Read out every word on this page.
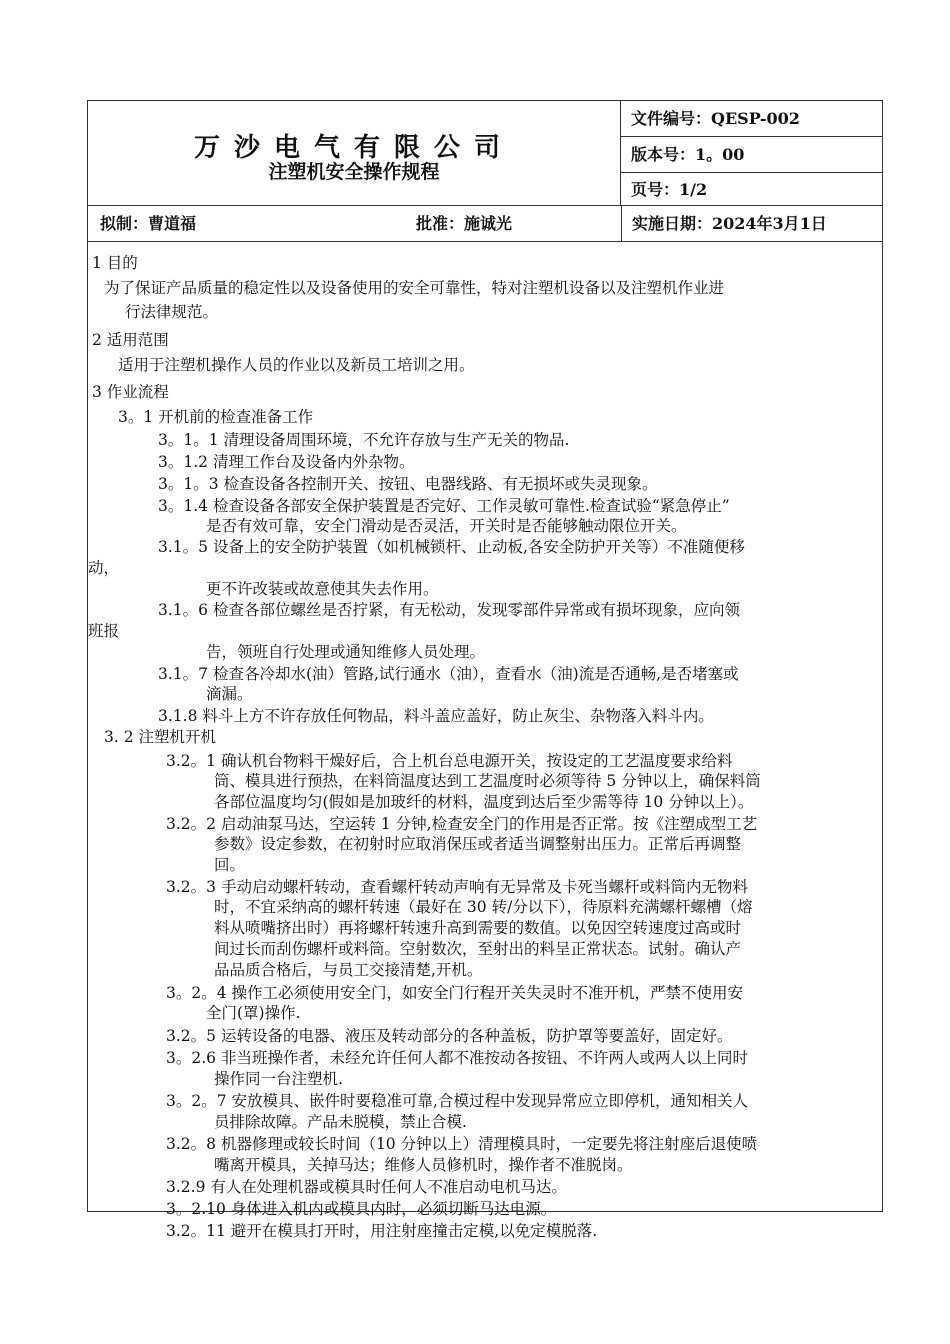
万沙电气有限公司
注塑机安全操作规程
文件编号：QESP-002
版本号：1。00
页号：1/2
拟制：曹道福	批准：施诚光	实施日期：2024年3月1日
1 目的
为了保证产品质量的稳定性以及设备使用的安全可靠性，特对注塑机设备以及注塑机作业进
行法律规范。
2 适用范围
适用于注塑机操作人员的作业以及新员工培训之用。
3 作业流程
3。1 开机前的检查准备工作
3。1。1 清理设备周围环境，不允许存放与生产无关的物品.
3。1.2 清理工作台及设备内外杂物。
3。1。3 检查设备各控制开关、按钮、电器线路、有无损坏或失灵现象。
3。1.4 检查设备各部安全保护装置是否完好、工作灵敏可靠性.检查试验“紧急停止”
是否有效可靠，安全门滑动是否灵活，开关时是否能够触动限位开关。
3.1。5 设备上的安全防护装置（如机械锁杆、止动板,各安全防护开关等）不准随便移
动，
更不许改装或故意使其失去作用。
3.1。6 检查各部位螺丝是否拧紧，有无松动，发现零部件异常或有损坏现象，应向领
班报
告，领班自行处理或通知维修人员处理。
3.1。7 检查各冷却水(油）管路,试行通水（油），查看水（油)流是否通畅,是否堵塞或
滴漏。
3.1.8 料斗上方不许存放任何物品，料斗盖应盖好，防止灰尘、杂物落入料斗内。
3. 2 注塑机开机
3.2。1 确认机台物料干燥好后，合上机台总电源开关，按设定的工艺温度要求给料
筒、模具进行预热，在料筒温度达到工艺温度时必须等待 5 分钟以上，确保料筒
各部位温度均匀(假如是加玻纤的材料，温度到达后至少需等待 10 分钟以上）。
3.2。2 启动油泵马达，空运转 1 分钟,检查安全门的作用是否正常。按《注塑成型工艺
参数》设定参数，在初射时应取消保压或者适当调整射出压力。正常后再调整
回。
3.2。3 手动启动螺杆转动，查看螺杆转动声响有无异常及卡死当螺杆或料筒内无物料
时，不宜采纳高的螺杆转速（最好在 30 转/分以下），待原料充满螺杆螺槽（熔
料从喷嘴挤出时）再将螺杆转速升高到需要的数值。以免因空转速度过高或时
间过长而刮伤螺杆或料筒。空射数次，至射出的料呈正常状态。试射。确认产
品品质合格后，与员工交接清楚,开机。
3。2。4 操作工必须使用安全门，如安全门行程开关失灵时不准开机，严禁不使用安
全门(罩)操作.
3.2。5 运转设备的电器、液压及转动部分的各种盖板，防护罩等要盖好，固定好。
3。2.6 非当班操作者，未经允许任何人都不准按动各按钮、不许两人或两人以上同时
操作同一台注塑机.
3。2。7 安放模具、嵌件时要稳准可靠,合模过程中发现异常应立即停机，通知相关人
员排除故障。产品未脱模，禁止合模.
3.2。8 机器修理或较长时间（10 分钟以上）清理模具时，一定要先将注射座后退使喷
嘴离开模具，关掉马达；维修人员修机时，操作者不准脱岗。
3.2.9 有人在处理机器或模具时任何人不准启动电机马达。
3。2.10 身体进入机内或模具内时，必须切断马达电源。
3.2。11 避开在模具打开时，用注射座撞击定模,以免定模脱落.
